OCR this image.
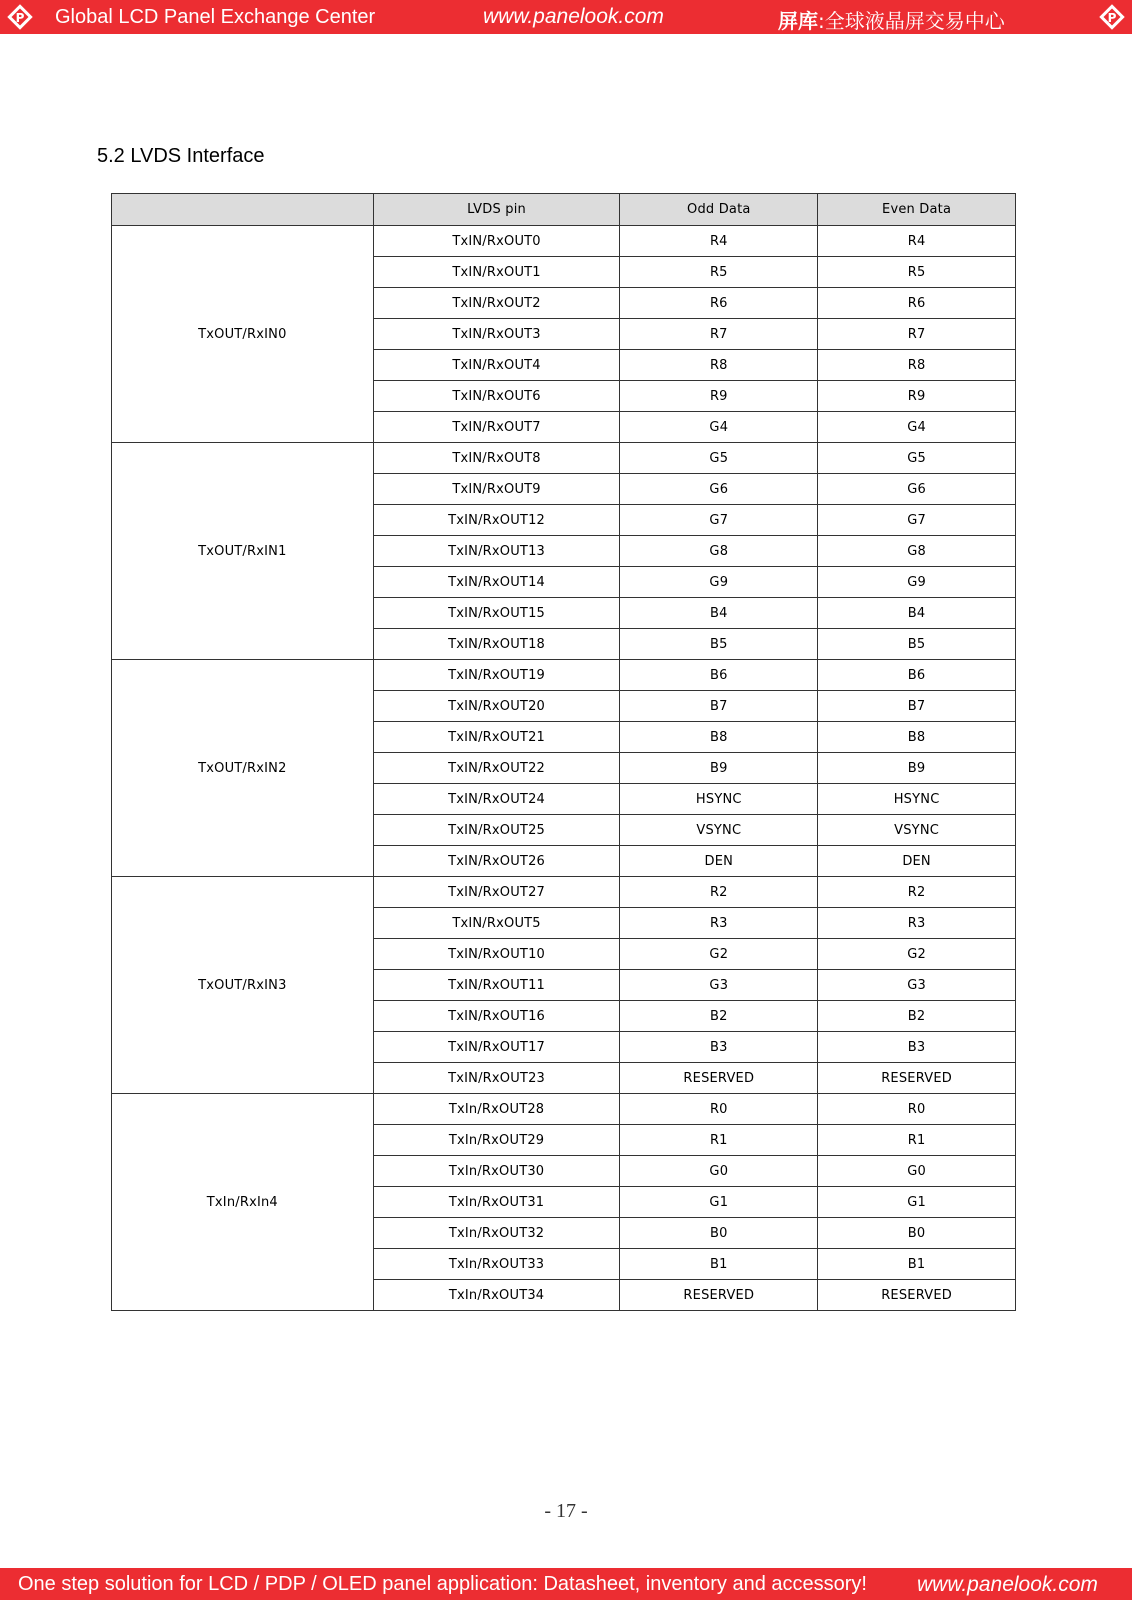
P Global LCD Panel Exchange Center	www.panelook.com	屏库:全球液晶屏交易中心	P
5.2 LVDS Interface
	LVDS pin	Odd Data	Even Data
TxOUT/RxIN0	TxIN/RxOUT0	R4	R4
	TxIN/RxOUT1	R5	R5
	TxIN/RxOUT2	R6	R6
	TxIN/RxOUT3	R7	R7
	TxIN/RxOUT4	R8	R8
	TxIN/RxOUT6	R9	R9
	TxIN/RxOUT7	G4	G4
TxOUT/RxIN1	TxIN/RxOUT8	G5	G5
	TxIN/RxOUT9	G6	G6
	TxIN/RxOUT12	G7	G7
	TxIN/RxOUT13	G8	G8
	TxIN/RxOUT14	G9	G9
	TxIN/RxOUT15	B4	B4
	TxIN/RxOUT18	B5	B5
TxOUT/RxIN2	TxIN/RxOUT19	B6	B6
	TxIN/RxOUT20	B7	B7
	TxIN/RxOUT21	B8	B8
	TxIN/RxOUT22	B9	B9
	TxIN/RxOUT24	HSYNC	HSYNC
	TxIN/RxOUT25	VSYNC	VSYNC
	TxIN/RxOUT26	DEN	DEN
TxOUT/RxIN3	TxIN/RxOUT27	R2	R2
	TxIN/RxOUT5	R3	R3
	TxIN/RxOUT10	G2	G2
	TxIN/RxOUT11	G3	G3
	TxIN/RxOUT16	B2	B2
	TxIN/RxOUT17	B3	B3
	TxIN/RxOUT23	RESERVED	RESERVED
TxIn/RxIn4	TxIn/RxOUT28	R0	R0
	TxIn/RxOUT29	R1	R1
	TxIn/RxOUT30	G0	G0
	TxIn/RxOUT31	G1	G1
	TxIn/RxOUT32	B0	B0
	TxIn/RxOUT33	B1	B1
	TxIn/RxOUT34	RESERVED	RESERVED
- 17 -
One step solution for LCD / PDP / OLED panel application: Datasheet, inventory and accessory! www.panelook.com
